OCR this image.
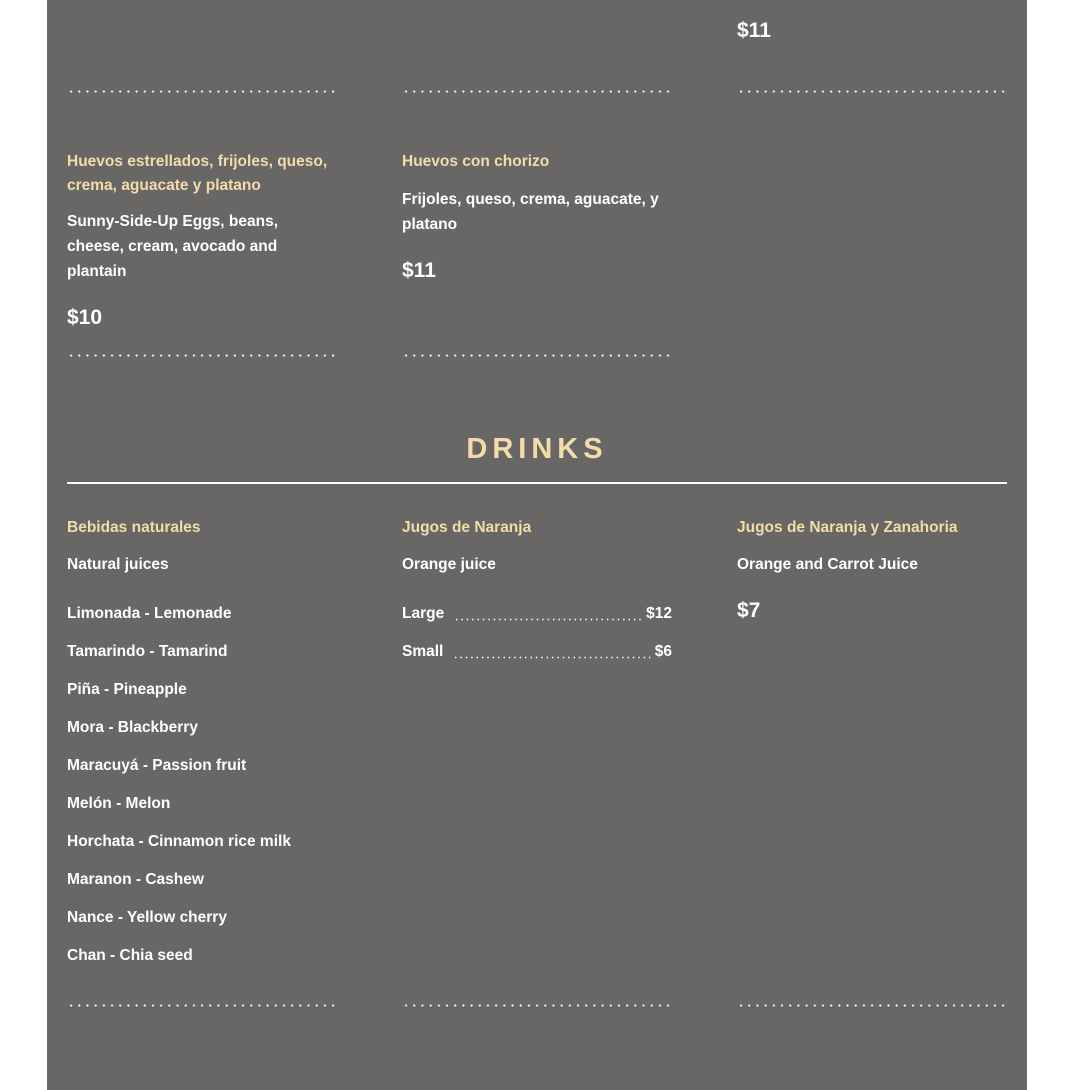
$11
Huevos estrellados, frijoles, queso, crema, aguacate y platano
Sunny-Side-Up Eggs, beans, cheese, cream, avocado and plantain
$10
Huevos con chorizo
Frijoles, queso, crema, aguacate, y platano
$11
DRINKS
Bebidas naturales
Natural juices
Limonada - Lemonade
Tamarindo - Tamarind
Piña - Pineapple
Mora - Blackberry
Maracuyá - Passion fruit
Melón - Melon
Horchata - Cinnamon rice milk
Maranon - Cashew
Nance - Yellow cherry
Chan - Chia seed
Jugos de Naranja
Orange juice
Large	$12
Small	$6
Jugos de Naranja y Zanahoria
Orange and Carrot Juice
$7
